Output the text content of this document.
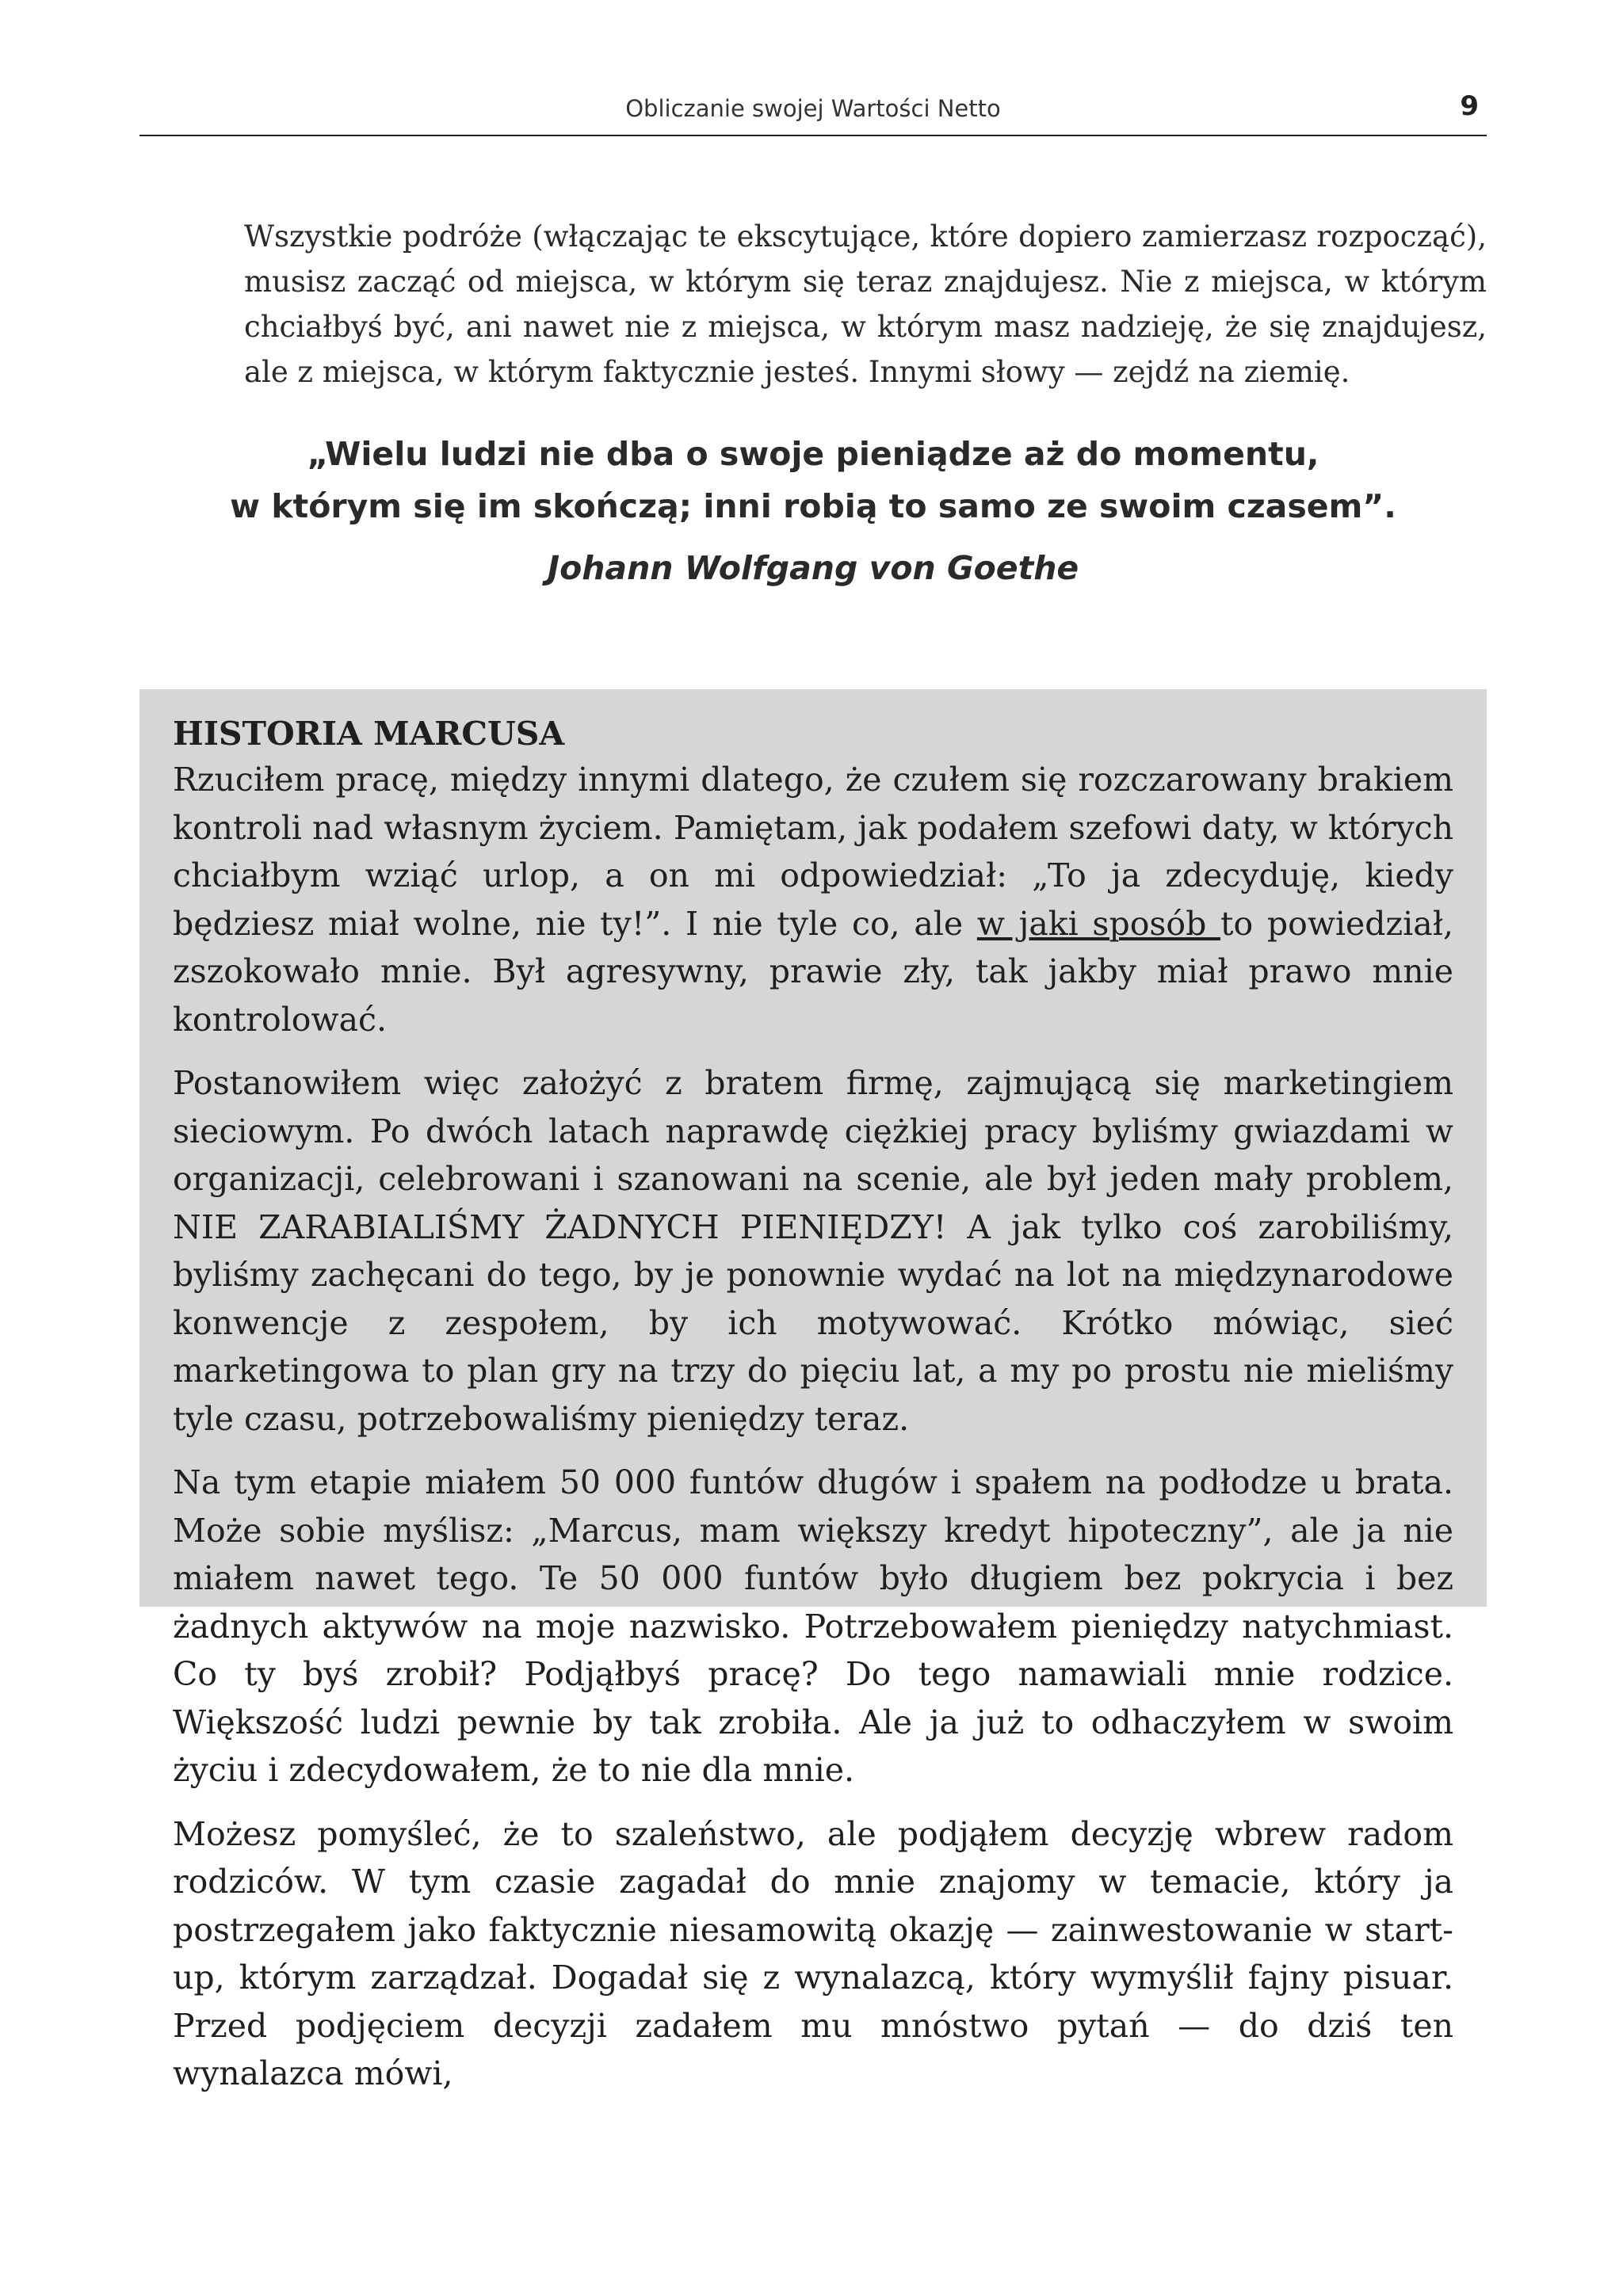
Obliczanie swojej Wartości Netto	9

Wszystkie podróże (włączając te ekscytujące, które dopiero zamierzasz rozpocząć), musisz zacząć od miejsca, w którym się teraz znajdujesz. Nie z miejsca, w którym chciałbyś być, ani nawet nie z miejsca, w którym masz nadzieję, że się znajdujesz, ale z miejsca, w którym faktycznie jesteś. Innymi słowy — zejdź na ziemię.

„Wielu ludzi nie dba o swoje pieniądze aż do momentu,
w którym się im skończą; inni robią to samo ze swoim czasem”.

Johann Wolfgang von Goethe

HISTORIA MARCUSA

Rzuciłem pracę, między innymi dlatego, że czułem się rozczarowany brakiem kontroli nad własnym życiem. Pamiętam, jak podałem szefowi daty, w których chciałbym wziąć urlop, a on mi odpowiedział: „To ja zdecyduję, kiedy będziesz miał wolne, nie ty!”. I nie tyle co, ale w jaki sposób to powiedział, zszokowało mnie. Był agresywny, prawie zły, tak jakby miał prawo mnie kontrolować.

Postanowiłem więc założyć z bratem firmę, zajmującą się marketingiem sieciowym. Po dwóch latach naprawdę ciężkiej pracy byliśmy gwiazdami w organizacji, celebrowani i szanowani na scenie, ale był jeden mały problem, NIE ZARABIALIŚMY ŻADNYCH PIENIĘDZY! A jak tylko coś zarobiliśmy, byliśmy zachęcani do tego, by je ponownie wydać na lot na międzynarodowe konwencje z zespołem, by ich motywować. Krótko mówiąc, sieć marketingowa to plan gry na trzy do pięciu lat, a my po prostu nie mieliśmy tyle czasu, potrzebowaliśmy pieniędzy teraz.

Na tym etapie miałem 50 000 funtów długów i spałem na podłodze u brata. Może sobie myślisz: „Marcus, mam większy kredyt hipoteczny”, ale ja nie miałem nawet tego. Te 50 000 funtów było długiem bez pokrycia i bez żadnych aktywów na moje nazwisko. Potrzebowałem pieniędzy natychmiast. Co ty byś zrobił? Podjąłbyś pracę? Do tego namawiali mnie rodzice. Większość ludzi pewnie by tak zrobiła. Ale ja już to odhaczyłem w swoim życiu i zdecydowałem, że to nie dla mnie.

Możesz pomyśleć, że to szaleństwo, ale podjąłem decyzję wbrew radom rodziców. W tym czasie zagadał do mnie znajomy w temacie, który ja postrzegałem jako faktycznie niesamowitą okazję — zainwestowanie w start-up, którym zarządzał. Dogadał się z wynalazcą, który wymyślił fajny pisuar. Przed podjęciem decyzji zadałem mu mnóstwo pytań — do dziś ten wynalazca mówi,
